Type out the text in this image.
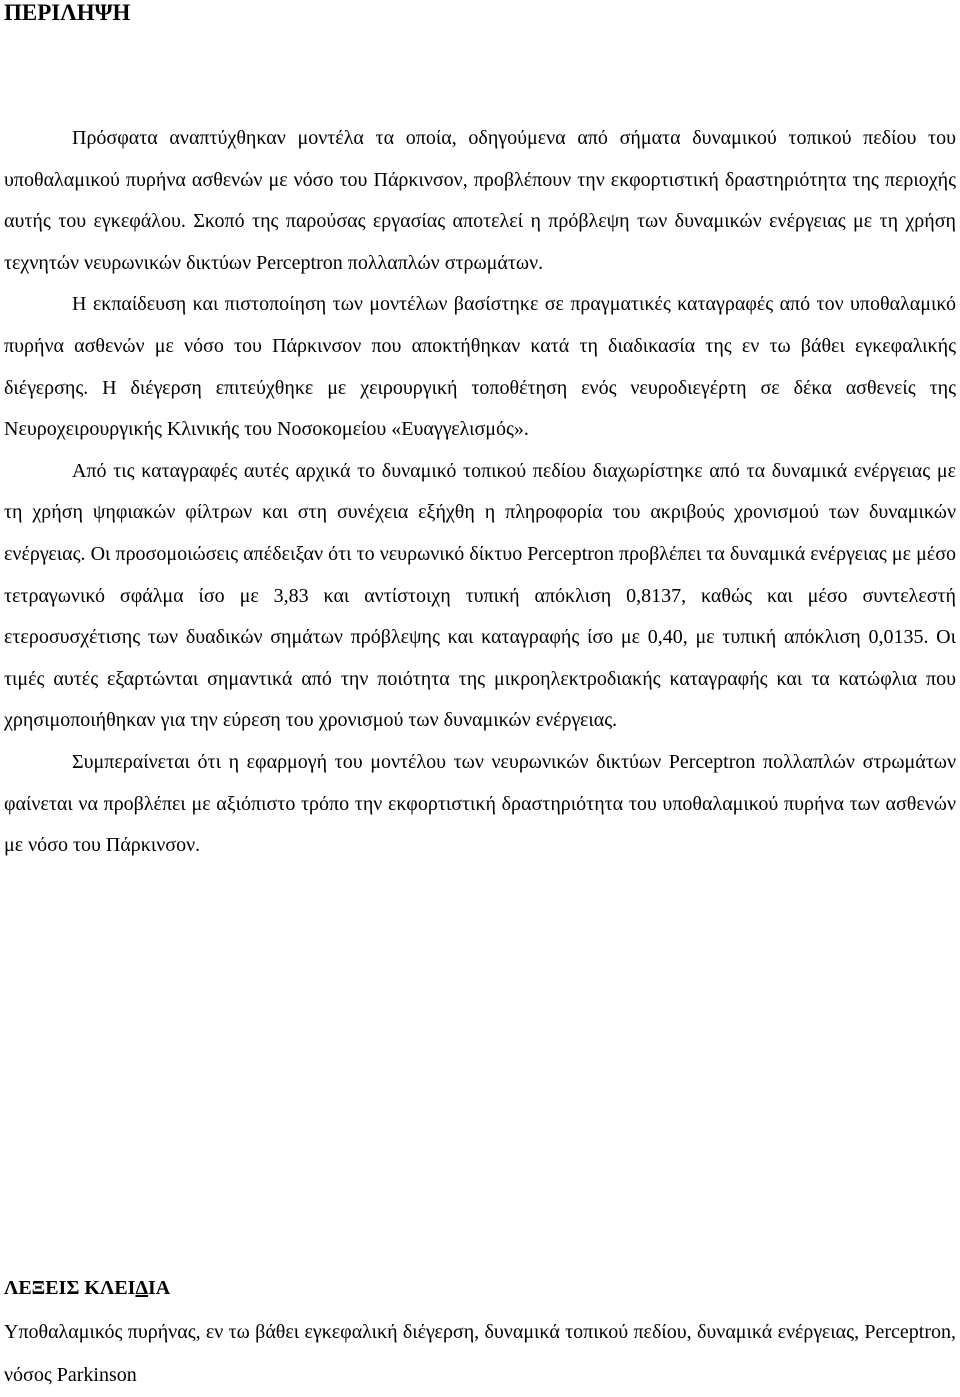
ΠΕΡΙΛΗΨΗ

Πρόσφατα αναπτύχθηκαν μοντέλα τα οποία, οδηγούμενα από σήματα δυναμικού τοπικού πεδίου του υποθαλαμικού πυρήνα ασθενών με νόσο του Πάρκινσον, προβλέπουν την εκφορτιστική δραστηριότητα της περιοχής αυτής του εγκεφάλου. Σκοπό της παρούσας εργασίας αποτελεί η πρόβλεψη των δυναμικών ενέργειας με τη χρήση τεχνητών νευρωνικών δικτύων Perceptron πολλαπλών στρωμάτων.

Η εκπαίδευση και πιστοποίηση των μοντέλων βασίστηκε σε πραγματικές καταγραφές από τον υποθαλαμικό πυρήνα ασθενών με νόσο του Πάρκινσον που αποκτήθηκαν κατά τη διαδικασία της εν τω βάθει εγκεφαλικής διέγερσης. Η διέγερση επιτεύχθηκε με χειρουργική τοποθέτηση ενός νευροδιεγέρτη σε δέκα ασθενείς της Νευροχειρουργικής Κλινικής του Νοσοκομείου «Ευαγγελισμός».

Από τις καταγραφές αυτές αρχικά το δυναμικό τοπικού πεδίου διαχωρίστηκε από τα δυναμικά ενέργειας με τη χρήση ψηφιακών φίλτρων και στη συνέχεια εξήχθη η πληροφορία του ακριβούς χρονισμού των δυναμικών ενέργειας. Οι προσομοιώσεις απέδειξαν ότι το νευρωνικό δίκτυο Perceptron προβλέπει τα δυναμικά ενέργειας με μέσο τετραγωνικό σφάλμα ίσο με 3,83 και αντίστοιχη τυπική απόκλιση 0,8137, καθώς και μέσο συντελεστή ετεροσυσχέτισης των δυαδικών σημάτων πρόβλεψης και καταγραφής ίσο με 0,40, με τυπική απόκλιση 0,0135. Οι τιμές αυτές εξαρτώνται σημαντικά από την ποιότητα της μικροηλεκτροδιακής καταγραφής και τα κατώφλια που χρησιμοποιήθηκαν για την εύρεση του χρονισμού των δυναμικών ενέργειας.

Συμπεραίνεται ότι η εφαρμογή του μοντέλου των νευρωνικών δικτύων Perceptron πολλαπλών στρωμάτων φαίνεται να προβλέπει με αξιόπιστο τρόπο την εκφορτιστική δραστηριότητα του υποθαλαμικού πυρήνα των ασθενών με νόσο του Πάρκινσον.

ΛΕΞΕΙΣ ΚΛΕΙΔΙΑ

Υποθαλαμικός πυρήνας, εν τω βάθει εγκεφαλική διέγερση, δυναμικά τοπικού πεδίου, δυναμικά ενέργειας, Perceptron, νόσος Parkinson
